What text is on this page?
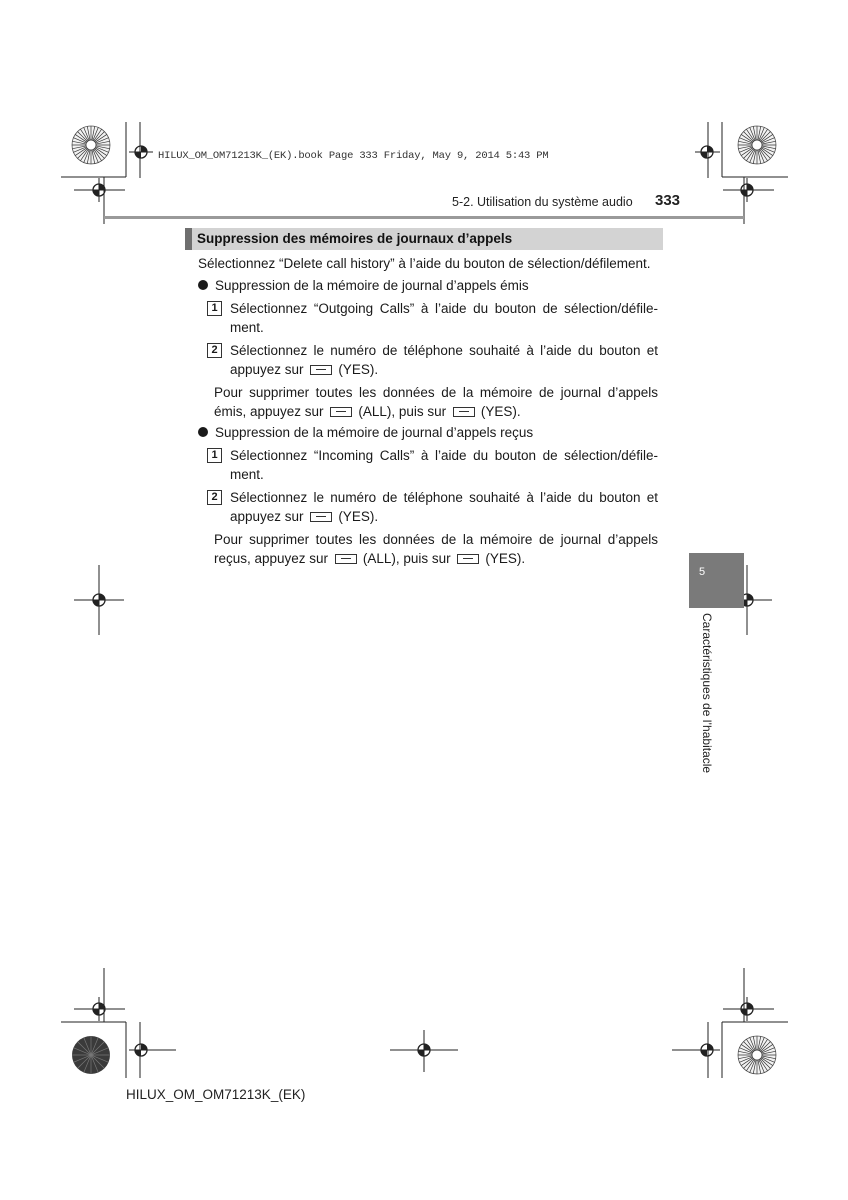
HILUX_OM_OM71213K_(EK).book Page 333 Friday, May 9, 2014 5:43 PM
5-2. Utilisation du système audio 333
Suppression des mémoires de journaux d’appels
Sélectionnez “Delete call history” à l’aide du bouton de sélection/défilement.
Suppression de la mémoire de journal d’appels émis
1 Sélectionnez “Outgoing Calls” à l’aide du bouton de sélection/défile-
ment.
2 Sélectionnez le numéro de téléphone souhaité à l’aide du bouton et
appuyez sur	(YES).
Pour supprimer toutes les données de la mémoire de journal d’appels
émis, appuyez sur	(ALL), puis sur	(YES).
Suppression de la mémoire de journal d’appels reçus
1 Sélectionnez “Incoming Calls” à l’aide du bouton de sélection/défile-
ment.
2 Sélectionnez le numéro de téléphone souhaité à l’aide du bouton et
appuyez sur	(YES).
Pour supprimer toutes les données de la mémoire de journal d’appels
reçus, appuyez sur	(ALL), puis sur	(YES).
5
Caractéristiques de l’habitacle
HILUX_OM_OM71213K_(EK)
